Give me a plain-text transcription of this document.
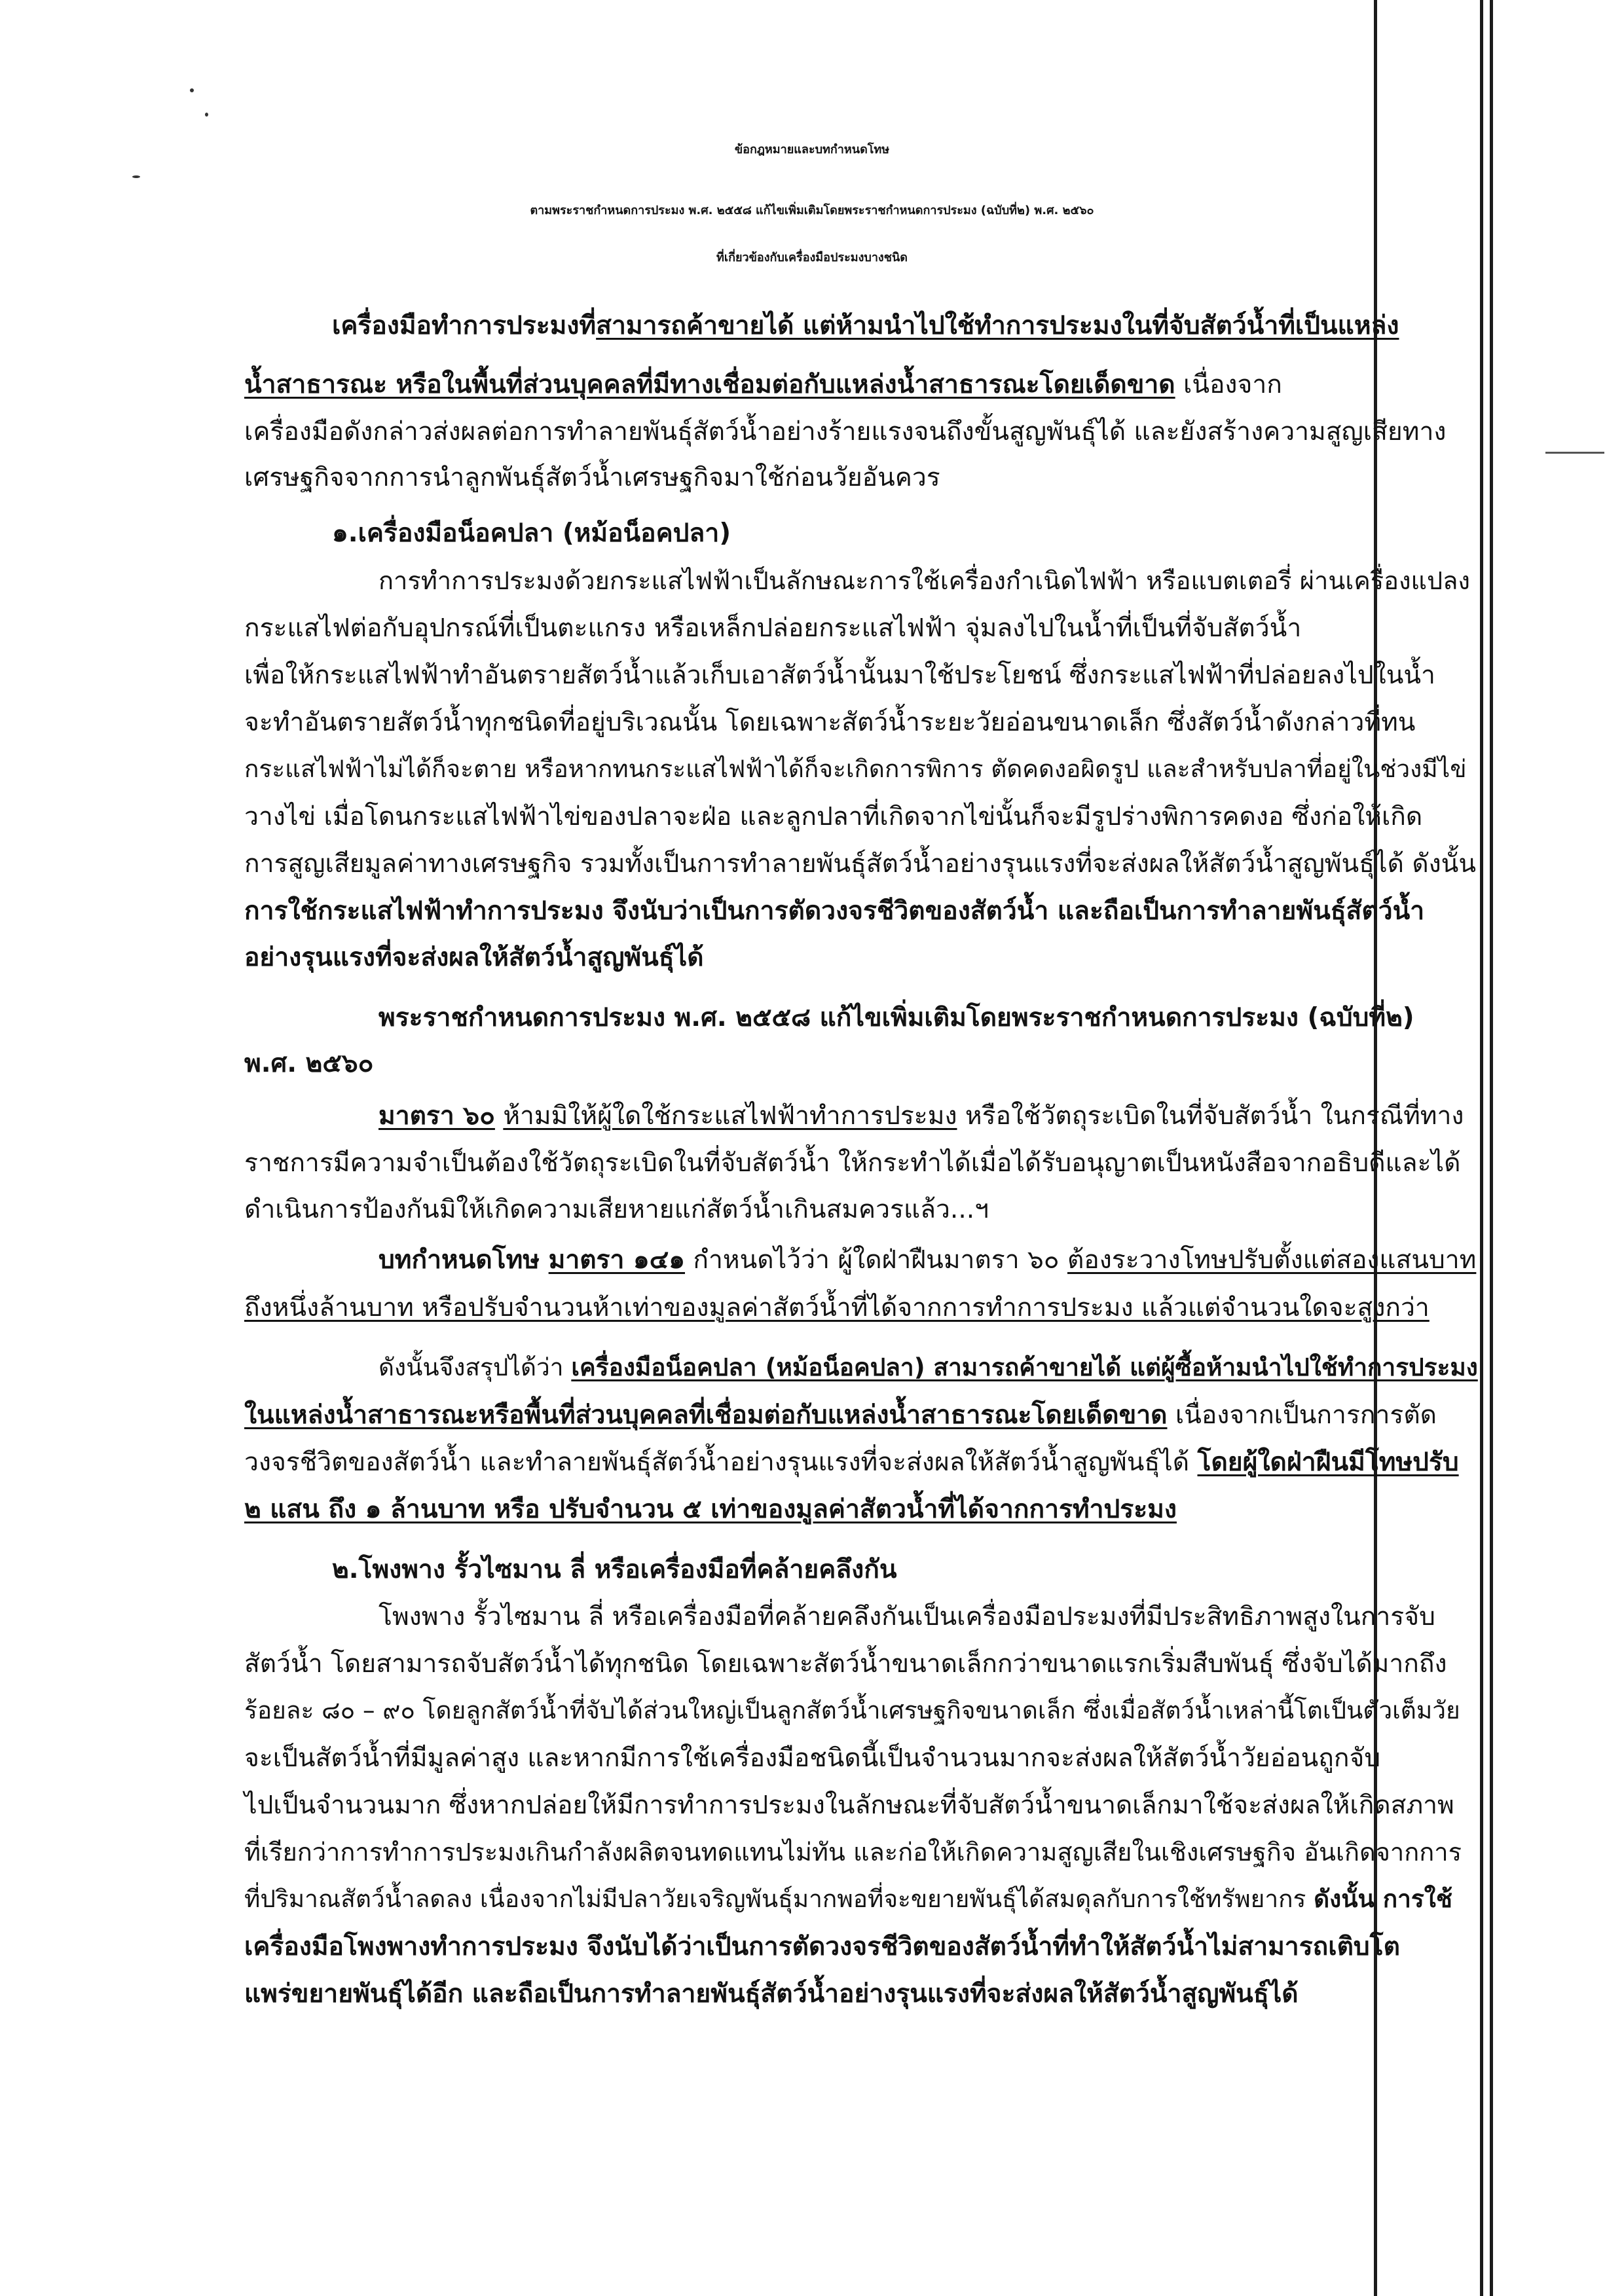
ข้อกฎหมายและบทกำหนดโทษ
ตามพระราชกำหนดการประมง พ.ศ. ๒๕๕๘ แก้ไขเพิ่มเติมโดยพระราชกำหนดการประมง (ฉบับที่๒) พ.ศ. ๒๕๖๐
ที่เกี่ยวข้องกับเครื่องมือประมงบางชนิด
เครื่องมือทำการประมงที่สามารถค้าขายได้ แต่ห้ามนำไปใช้ทำการประมงในที่จับสัตว์น้ำที่เป็นแหล่ง
น้ำสาธารณะ หรือในพื้นที่ส่วนบุคคลที่มีทางเชื่อมต่อกับแหล่งน้ำสาธารณะโดยเด็ดขาด เนื่องจาก
เครื่องมือดังกล่าวส่งผลต่อการทำลายพันธุ์สัตว์น้ำอย่างร้ายแรงจนถึงขั้นสูญพันธุ์ได้ และยังสร้างความสูญเสียทาง
เศรษฐกิจจากการนำลูกพันธุ์สัตว์น้ำเศรษฐกิจมาใช้ก่อนวัยอันควร
๑.เครื่องมือน็อคปลา (หม้อน็อคปลา)
การทำการประมงด้วยกระแสไฟฟ้าเป็นลักษณะการใช้เครื่องกำเนิดไฟฟ้า หรือแบตเตอรี่ ผ่านเครื่องแปลง
กระแสไฟต่อกับอุปกรณ์ที่เป็นตะแกรง หรือเหล็กปล่อยกระแสไฟฟ้า จุ่มลงไปในน้ำที่เป็นที่จับสัตว์น้ำ
เพื่อให้กระแสไฟฟ้าทำอันตรายสัตว์น้ำแล้วเก็บเอาสัตว์น้ำนั้นมาใช้ประโยชน์ ซึ่งกระแสไฟฟ้าที่ปล่อยลงไปในน้ำ
จะทำอันตรายสัตว์น้ำทุกชนิดที่อยู่บริเวณนั้น โดยเฉพาะสัตว์น้ำระยะวัยอ่อนขนาดเล็ก ซึ่งสัตว์น้ำดังกล่าวที่ทน
กระแสไฟฟ้าไม่ได้ก็จะตาย หรือหากทนกระแสไฟฟ้าได้ก็จะเกิดการพิการ ตัดคดงอผิดรูป และสำหรับปลาที่อยู่ในช่วงมีไข่
วางไข่ เมื่อโดนกระแสไฟฟ้าไข่ของปลาจะฝ่อ และลูกปลาที่เกิดจากไข่นั้นก็จะมีรูปร่างพิการคดงอ ซึ่งก่อให้เกิด
การสูญเสียมูลค่าทางเศรษฐกิจ รวมทั้งเป็นการทำลายพันธุ์สัตว์น้ำอย่างรุนแรงที่จะส่งผลให้สัตว์น้ำสูญพันธุ์ได้ ดังนั้น
การใช้กระแสไฟฟ้าทำการประมง จึงนับว่าเป็นการตัดวงจรชีวิตของสัตว์น้ำ และถือเป็นการทำลายพันธุ์สัตว์น้ำ
อย่างรุนแรงที่จะส่งผลให้สัตว์น้ำสูญพันธุ์ได้
พระราชกำหนดการประมง พ.ศ. ๒๕๕๘ แก้ไขเพิ่มเติมโดยพระราชกำหนดการประมง (ฉบับที่๒)
พ.ศ. ๒๕๖๐
มาตรา ๖๐ ห้ามมิให้ผู้ใดใช้กระแสไฟฟ้าทำการประมง หรือใช้วัตถุระเบิดในที่จับสัตว์น้ำ ในกรณีที่ทาง
ราชการมีความจำเป็นต้องใช้วัตถุระเบิดในที่จับสัตว์น้ำ ให้กระทำได้เมื่อได้รับอนุญาตเป็นหนังสือจากอธิบดีและได้
ดำเนินการป้องกันมิให้เกิดความเสียหายแก่สัตว์น้ำเกินสมควรแล้ว...ฯ
บทกำหนดโทษ มาตรา ๑๔๑ กำหนดไว้ว่า ผู้ใดฝ่าฝืนมาตรา ๖๐ ต้องระวางโทษปรับตั้งแต่สองแสนบาท
ถึงหนึ่งล้านบาท หรือปรับจำนวนห้าเท่าของมูลค่าสัตว์น้ำที่ได้จากการทำการประมง แล้วแต่จำนวนใดจะสูงกว่า
ดังนั้นจึงสรุปได้ว่า เครื่องมือน็อคปลา (หม้อน็อคปลา) สามารถค้าขายได้ แต่ผู้ซื้อห้ามนำไปใช้ทำการประมง
ในแหล่งน้ำสาธารณะหรือพื้นที่ส่วนบุคคลที่เชื่อมต่อกับแหล่งน้ำสาธารณะโดยเด็ดขาด เนื่องจากเป็นการการตัด
วงจรชีวิตของสัตว์น้ำ และทำลายพันธุ์สัตว์น้ำอย่างรุนแรงที่จะส่งผลให้สัตว์น้ำสูญพันธุ์ได้ โดยผู้ใดฝ่าฝืนมีโทษปรับ
๒ แสน ถึง ๑ ล้านบาท หรือ ปรับจำนวน ๕ เท่าของมูลค่าสัตวน้ำที่ได้จากการทำประมง
๒.โพงพาง รั้วไซมาน ลี่ หรือเครื่องมือที่คล้ายคลึงกัน
โพงพาง รั้วไซมาน ลี่ หรือเครื่องมือที่คล้ายคลึงกันเป็นเครื่องมือประมงที่มีประสิทธิภาพสูงในการจับ
สัตว์น้ำ โดยสามารถจับสัตว์น้ำได้ทุกชนิด โดยเฉพาะสัตว์น้ำขนาดเล็กกว่าขนาดแรกเริ่มสืบพันธุ์ ซึ่งจับได้มากถึง
ร้อยละ ๘๐ – ๙๐ โดยลูกสัตว์น้ำที่จับได้ส่วนใหญ่เป็นลูกสัตว์น้ำเศรษฐกิจขนาดเล็ก ซึ่งเมื่อสัตว์น้ำเหล่านี้โตเป็นตัวเต็มวัย
จะเป็นสัตว์น้ำที่มีมูลค่าสูง และหากมีการใช้เครื่องมือชนิดนี้เป็นจำนวนมากจะส่งผลให้สัตว์น้ำวัยอ่อนถูกจับ
ไปเป็นจำนวนมาก ซึ่งหากปล่อยให้มีการทำการประมงในลักษณะที่จับสัตว์น้ำขนาดเล็กมาใช้จะส่งผลให้เกิดสภาพ
ที่เรียกว่าการทำการประมงเกินกำลังผลิตจนทดแทนไม่ทัน และก่อให้เกิดความสูญเสียในเชิงเศรษฐกิจ อันเกิดจากการ
ที่ปริมาณสัตว์น้ำลดลง เนื่องจากไม่มีปลาวัยเจริญพันธุ์มากพอที่จะขยายพันธุ์ได้สมดุลกับการใช้ทรัพยากร ดังนั้น การใช้
เครื่องมือโพงพางทำการประมง จึงนับได้ว่าเป็นการตัดวงจรชีวิตของสัตว์น้ำที่ทำให้สัตว์น้ำไม่สามารถเติบโต
แพร่ขยายพันธุ์ได้อีก และถือเป็นการทำลายพันธุ์สัตว์น้ำอย่างรุนแรงที่จะส่งผลให้สัตว์น้ำสูญพันธุ์ได้
